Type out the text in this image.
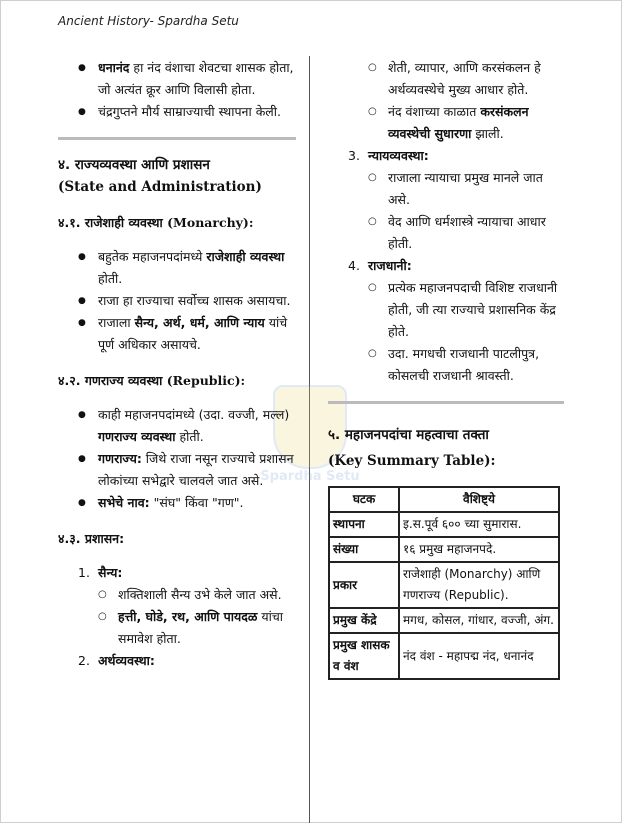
Ancient History- Spardha Setu
Spardha Setu
● धनानंद हा नंद वंशाचा शेवटचा शासक होता, जो अत्यंत क्रूर आणि विलासी होता.
● चंद्रगुप्तने मौर्य साम्राज्याची स्थापना केली.
४. राज्यव्यवस्था आणि प्रशासन
(State and Administration)
४.१. राजेशाही व्यवस्था (Monarchy):
● बहुतेक महाजनपदांमध्ये राजेशाही व्यवस्था होती.
● राजा हा राज्याचा सर्वोच्च शासक असायचा.
● राजाला सैन्य, अर्थ, धर्म, आणि न्याय यांचे पूर्ण अधिकार असायचे.
४.२. गणराज्य व्यवस्था (Republic):
● काही महाजनपदांमध्ये (उदा. वज्जी, मल्ल) गणराज्य व्यवस्था होती.
● गणराज्य: जिथे राजा नसून राज्याचे प्रशासन लोकांच्या सभेद्वारे चालवले जात असे.
● सभेचे नाव: "संघ" किंवा "गण".
४.३. प्रशासन:
1. सैन्य:
○ शक्तिशाली सैन्य उभे केले जात असे.
○ हत्ती, घोडे, रथ, आणि पायदळ यांचा समावेश होता.
2. अर्थव्यवस्था:
○ शेती, व्यापार, आणि करसंकलन हे अर्थव्यवस्थेचे मुख्य आधार होते.
○ नंद वंशाच्या काळात करसंकलन व्यवस्थेची सुधारणा झाली.
3. न्यायव्यवस्था:
○ राजाला न्यायाचा प्रमुख मानले जात असे.
○ वेद आणि धर्मशास्त्रे न्यायाचा आधार होती.
4. राजधानी:
○ प्रत्येक महाजनपदाची विशिष्ट राजधानी होती, जी त्या राज्याचे प्रशासनिक केंद्र होते.
○ उदा. मगधची राजधानी पाटलीपुत्र, कोसलची राजधानी श्रावस्ती.
५. महाजनपदांचा महत्वाचा तक्ता
(Key Summary Table):
घटक	वैशिष्ट्ये
स्थापना	इ.स.पूर्व ६०० च्या सुमारास.
संख्या	१६ प्रमुख महाजनपदे.
प्रकार	राजेशाही (Monarchy) आणि गणराज्य (Republic).
प्रमुख केंद्रे	मगध, कोसल, गांधार, वज्जी, अंग.
प्रमुख शासक व वंश	नंद वंश - महापद्म नंद, धनानंद
